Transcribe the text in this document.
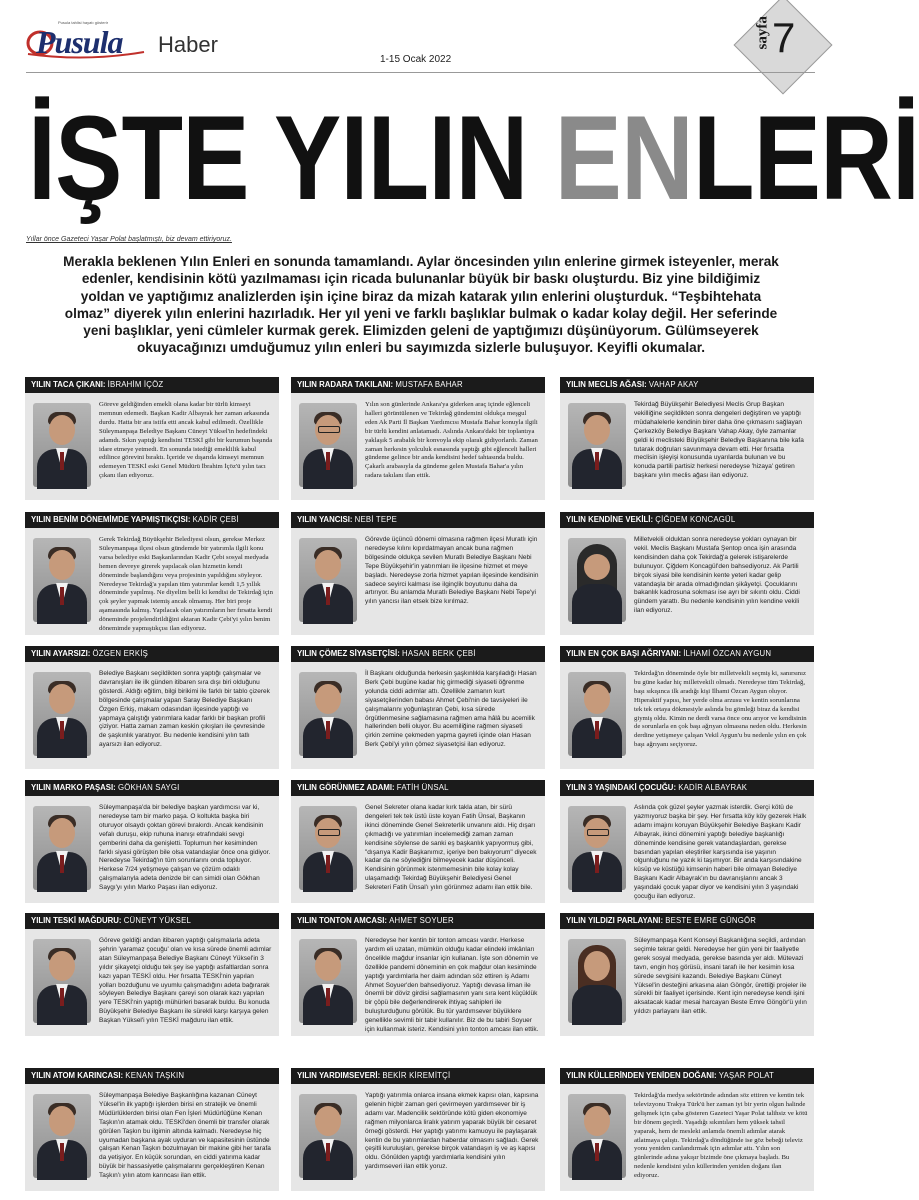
Pusula
Pusula tahlisi hayatı gösterir
Haber
1-15 Ocak 2022
sayfa 7
İŞTE YILIN ENLERİ
Yıllar önce Gazeteci Yaşar Polat başlatmıştı, biz devam ettiriyoruz.
Merakla beklenen Yılın Enleri en sonunda tamamlandı. Aylar öncesinden yılın enlerine girmek isteyenler, merak edenler, kendisinin kötü yazılmaması için ricada bulunanlar büyük bir baskı oluşturdu. Biz yine bildiğimiz yoldan ve yaptığımız analizlerden işin içine biraz da mizah katarak yılın enlerini oluşturduk. “Teşbihtehata olmaz” diyerek yılın enlerini hazırladık. Her yıl yeni ve farklı başlıklar bulmak o kadar kolay değil. Her seferinde yeni başlıklar, yeni cümleler kurmak gerek. Elimizden geleni de yaptığımızı düşünüyorum. Gülümseyerek okuyacağınızı umduğumuz yılın enleri bu sayımızda sizlerle buluşuyor. Keyifli okumalar.
YILIN TACA ÇIKANI: İBRAHİM İÇÖZ
Göreve geldiğinden emekli olana kadar bir türlü kimseyi memnun edemedi. Başkan Kadir Albayrak her zaman arkasında durdu. Hatta bir ara istifa etti ancak kabul edilmedi. Özellikle Süleymanpaşa Belediye Başkanı Cüneyt Yüksel'in hedefindeki adamdı. Sıkın yaptığı kendisini TESKİ gibi bir kurumun başında idare etmeye yetmedi. En sonunda istediği emeklilik kabul edilince görevini bıraktı. İçeride ve dışarıda kimseyi memnun edemeyen TESKİ eski Genel Müdürü İbrahim İçöz'ü yılın tacı çıkanı ilan ediyoruz.
YILIN RADARA TAKILANI: MUSTAFA BAHAR
Yılın son günlerinde Ankara'ya giderken araç içinde eğlenceli halleri görüntülenen ve Tekirdağ gündemini oldukça meşgul eden Ak Parti İl Başkan Yardımcısı Mustafa Bahar konuyla ilgili bir türlü kendini anlatamadı. Aslında Ankara'daki bir toplantıya yaklaşık 5 arabalık bir konvoyla ekip olarak gidiyorlardı. Zaman zaman herkesin yolculuk esnasında yaptığı gibi eğlenceli halleri gündeme gelince bir anda kendisini hedef tahtasında buldu. Çakarlı arabasıyla da gündeme gelen Mustafa Bahar'a yılın radara takılanı ilan ettik.
YILIN MECLİS AĞASI: VAHAP AKAY
Tekirdağ Büyükşehir Belediyesi Meclis Grup Başkan vekilliğine seçildikten sonra dengeleri değiştiren ve yaptığı müdahalelerle kendinin birer daha öne çıkmasını sağlayan Çerkezköy Belediye Başkanı Vahap Akay, öyle zamanlar geldi ki meclisteki Büyükşehir Belediye Başkanına bile kafa tutarak doğruları savunmaya devam etti. Her fırsatta meclisin işleyişi konusunda uyarılarda bulunan ve bu konuda partili partisiz herkesi neredeyse 'hizaya' getiren başkanı yılın meclis ağası ilan ediyoruz.
YILIN BENİM DÖNEMİMDE YAPMIŞTIKÇISI: KADİR ÇEBİ
Gerek Tekirdağ Büyükşehir Belediyesi olsun, gerekse Merkez Süleymanpaşa ilçesi olsun gündemde bir yatırımla ilgili konu varsa belediye eski Başkanlarından Kadir Çebi sosyal medyada hemen devreye girerek yapılacak olan hizmetin kendi döneminde başlandığını veya projesinin yapıldığını söyleyor. Neredeyse Tekirdağ'a yapılan tüm yatırımlar kendi 1,5 yıllık döneminde yapılmış. Ne diyelim belli ki kendisi de Tekirdağ için çok şeyler yapmak istemiş ancak olmamış. Her biri proje aşamasında kalmış. Yapılacak olan yatırımların her fırsatta kendi döneminde projelendirildiğini aktaran Kadir Çebi'yi yılın benim dönemimde yapmıştıkçısı ilan ediyoruz.
YILIN YANCISI: NEBİ TEPE
Görevde üçüncü dönemi olmasına rağmen ilçesi Muratlı için neredeyse kılını kıpırdatmayan ancak buna rağmen bölgesinde oldukça sevilen Muratlı Belediye Başkanı Nebi Tepe Büyükşehir'in yatırımları ile ilçesine hizmet et meye başladı. Neredeyse zorla hizmet yapılan ilçesinde kendisinin sadece seyirci kalması ise ilginçlik boyutunu daha da artırıyor. Bu anlamda Muratlı Belediye Başkanı Nebi Tepe'yi yılın yancısı ilan etsek bize kırılmaz.
YILIN KENDİNE VEKİLİ: ÇİĞDEM KONCAGÜL
Milletvekili olduktan sonra neredeyse yokları oynayan bir vekil. Meclis Başkanı Mustafa Şentop onca işin arasında kendisinden daha çok Tekirdağ'a gelerek istişarelerde bulunuyor. Çiğdem Koncagül'den bahsediyoruz. Ak Partili birçok siyasi bile kendisinin kente yeteri kadar gelip vatandaşla bir arada olmadığından şikâyetçi. Çocuklarını bakanlık kadrosuna sokması ise ayrı bir sıkıntı oldu. Ciddi gündem yarattı. Bu nedenle kendisinin yılın kendine vekili ilan ediyoruz.
YILIN AYARSIZI: ÖZGEN ERKİŞ
Belediye Başkanı seçildikten sonra yaptığı çalışmalar ve davranışları ile ilk günden itibaren sıra dışı biri olduğunu gösterdi. Aldığı eğitim, bilgi birikimi ile farklı bir tablo çizerek bölgesinde çalışmalar yapan Saray Belediye Başkanı Özgen Erkiş, makam odasından ilçesinde yaptığı ve yapmaya çalıştığı yatırımlara kadar farklı bir başkan profili çiziyor. Hatta zaman zaman keskin çıkışları ile çevresinde de şaşkınlık yaratıyor. Bu nedenle kendisini yılın tatlı ayarsızı ilan ediyoruz.
YILIN ÇÖMEZ SİYASETÇİSİ: HASAN BERK ÇEBİ
İl Başkanı olduğunda herkesin şaşkınlıkla karşıladığı Hasan Berk Çebi bugüne kadar hiç girmediği siyaseti öğrenme yolunda ciddi adımlar attı. Özellikle zamanın kurt siyasetçilerinden babası Ahmet Çebi'nin de tavsiyeleri ile çalışmalarını yoğunlaştıran Çebi, kısa sürede örgütlenmesine sağlamasına rağmen ama hâlâ bu acemilik hallerinden belli oluyor. Bu acemiliğine rağmen siyaseti çirkin zemine çekmeden yapma gayreti içinde olan Hasan Berk Çebi'yi yılın çömez siyasetçisi ilan ediyoruz.
YILIN EN ÇOK BAŞI AĞRIYANI: İLHAMİ ÖZCAN AYGUN
Tekirdağ'ın döneminde öyle bir milletvekili seçmiş ki, sanırsınız bu güne kadar hiç milletvekili olmadı. Neredeyse tüm Tekirdağ, başı sıkışınca ilk aradığı kişi İlhami Özcan Aygun oluyor. Hiperaktif yapısı, her yerde olma arzusu ve kentin sorunlarına tek tek ortaya dökmesiyle aslında bu gömleği biraz da kendisi giymiş oldu. Kimin ne derdi varsa önce onu arıyor ve kendisinin de sorunlarla en çok başı ağrıyan olmasına neden oldu. Herkesin derdine yetişmeye çalışan Vekil Aygun'u bu nedenle yılın en çok başı ağrıyanı seçiyoruz.
YILIN MARKO PAŞASI: GÖKHAN SAYGI
Süleymanpaşa'da bir belediye başkan yardımcısı var ki, neredeyse tam bir marko paşa. O koltukta başka biri oturuyor olsaydı çoktan görevi bırakırdı. Ancak kendisinin vefalı duruşu, ekip ruhuna inanışı etrafındaki sevgi çemberini daha da genişletti. Toplumun her kesiminden farklı siyasi görüşten bile olsa vatandaşlar önce ona gidiyor. Neredeyse Tekirdağ'ın tüm sorunlarını onda topluyor. Herkese 7/24 yetişmeye çalışan ve çözüm odaklı çalışmalarıyla adeta denizde bir can simidi olan Gökhan Saygı'yı yılın Marko Paşası ilan ediyoruz.
YILIN GÖRÜNMEZ ADAMI: FATİH ÜNSAL
Genel Sekreter olana kadar kırk takla atan, bir sürü dengeleri tek tek üstü üste koyan Fatih Ünsal, Başkanın ikinci döneminde Genel Sekreterlik unvanını aldı. Hiç dışarı çıkmadığı ve yatırımları incelemediği zaman zaman kendisine söylense de sanki eş başkanlık yapıyormuş gibi, "dışarıya Kadir Başkanımız, içeriye ben bakıyorum" diyecek kadar da ne söylediğini bilmeyecek kadar düşünceli. Kendisinin görünmek istenmemesinin bile kolay kolay ulaşamadığı Tekirdağ Büyükşehir Belediyesi Genel Sekreteri Fatih Ünsal'ı yılın görünmez adamı ilan ettik bile.
YILIN 3 YAŞINDAKİ ÇOCUĞU: KADİR ALBAYRAK
Aslında çok güzel şeyler yazmak isterdik. Gerçi kötü de yazmıyoruz başka bir şey. Her fırsatta köy köy gezerek Halk adamı imajını koruyan Büyükşehir Belediye Başkanı Kadir Albayrak, ikinci dönemini yaptığı belediye başkanlığı döneminde kendisine gerek vatandaşlardan, gerekse basından yapılan eleştiriler karşısında ise yaşının olgunluğunu ne yazık ki taşımıyor. Bir anda karşısındakine küsüp ve küstüğü kimsenin haberi bile olmayan Belediye Başkanı Kadir Albayrak'ın bu davranışlarını ancak 3 yaşındaki çocuk yapar diyor ve kendisini yılın 3 yaşındaki çocuğu ilan ediyoruz.
YILIN TESKİ MAĞDURU: CÜNEYT YÜKSEL
Göreve geldiği andan itibaren yaptığı çalışmalarla adeta şehrin 'yaramaz çocuğu' olan ve kısa sürede önemli adımlar atan Süleymanpaşa Belediye Başkanı Cüneyt Yüksel'in 3 yıldır şikayetçi olduğu tek şey ise yaptığı asfaltlardan sonra kazı yapan TESKİ oldu. Her fırsatta TESKİ'nin yapılan yolları bozduğunu ve uyumlu çalışmadığını adeta bağırarak söyleyen Belediye Başkanı çareyi son olarak kazı yapılan yere TESKİ'nin yaptığı mühürleri basarak buldu. Bu konuda Büyükşehir Belediye Başkanı ile sürekli karşı karşıya gelen Başkan Yüksel'i yılın TESKİ mağduru ilan ettik.
YILIN TONTON AMCASI: AHMET SOYUER
Neredeyse her kentin bir tonton amcası vardır. Herkese yardım eli uzatan, mümkün olduğu kadar elindeki imkânları öncelikle mağdur insanlar için kullanan. İşte son dönemin ve özellikle pandemi döneminin en çok mağdur olan kesiminde yaptığı yardımlarla her daim adından söz ettiren iş Adamı Ahmet Soyuer'den bahsediyoruz. Yaptığı devasa liman ile önemli bir döviz girdisi sağlamasının yanı sıra kent küçüklük bir çöpü bile değerlendirerek ihtiyaç sahipleri ile buluşturduğunu görülük. Bu tür yardımsever büyüklere genellikle sevimli bir tabir kullanılır. Biz de bu tabiri Soyuer için kullanmak isteriz. Kendisini yılın tonton amcası ilan ettik.
YILIN YILDIZI PARLAYANI: BESTE EMRE GÜNGÖR
Süleymanpaşa Kent Konseyi Başkanlığına seçildi, ardından seçimle tekrar geldi. Neredeyse her gün yeni bir faaliyetle gerek sosyal medyada, gerekse basında yer aldı. Mütevazi tavrı, engin hoş görüsü, insani tarafı ile her kesimin kısa sürede sevgisini kazandı. Belediye Başkanı Cüneyt Yüksel'in desteğini arkasına alan Göngör, ürettiği projeler ile sürekli bir faaliyet içerisinde. Kent için neredeyse kendi işini aksatacak kadar mesai harcayan Beste Emre Göngör'ü yılın yıldızı parlayanı ilan ettik.
YILIN ATOM KARINCASI: KENAN TAŞKIN
Süleymanpaşa Belediye Başkanlığına kazanan Cüneyt Yüksel'in ilk yaptığı işlerden birisi en stratejik ve önemli Müdürlüklerden birisi olan Fen İşleri Müdürlüğüne Kenan Taşkın'ın atamak oldu. TESKİ'den önemli bir transfer olarak görülen Taşkın bu ilgimin altında kalmadı. Neredeyse hiç uyumadan başkana ayak uyduran ve kapasitesinin üstünde çalışan Kenan Taşkın bozulmayan bir makine gibi her tarafa da yetişiyor. En küçük sorundan, en ciddi yatırıma kadar büyük bir hassasiyetle çalışmalarını gerçekleştiren Kenan Taşkın'ı yılın atom karıncası ilan ettik.
YILIN YARDIMSEVERİ: BEKİR KİREMİTÇİ
Yaptığı yatırımla onlarca insana ekmek kapısı olan, kapısına gelenin hiçbir zaman geri çevirmeyen yardımsever bir iş adamı var. Madencilik sektöründe kötü giden ekonomiye rağmen milyonlarca liralık yatırım yaparak büyük bir cesaret örneği gösterdi. Her yaptığı yatırımı kamuoyu ile paylaşarak kentin de bu yatırımlardan haberdar olmasını sağladı. Gerek çeşitli kuruluşları, gerekse birçok vatandaşın iş ve aş kapısı oldu. Gönülden yaptığı yardımlarla kendisini yılın yardımseveri ilan ettik yoruz.
YILIN KÜLLERİNDEN YENİDEN DOĞANI: YAŞAR POLAT
Tekirdağ'da medya sektöründe adından söz ettiren ve kentin tek televizyonu Trakya Türk'ü her zaman iyi bir yerin olgun halinde gelişmek için çaba gösteren Gazeteci Yaşar Polat talihsiz ve kötü bir dönem geçirdi. Yaşadığı sıkıntıları hem yüksek tahsil yaparak, hem de mesleki anlamda önemli adımlar atarak atlatmaya çalıştı. Tekirdağ'a döndüğünde ise göz bebeği televiz yonu yeniden canlandırmak için adımlar attı. Yılın son günlerinde adına yakışır bizimde öne çıkmaya başladı. Bu nedenle kendisini yılın küllerinden yeniden doğanı ilan ediyoruz.
